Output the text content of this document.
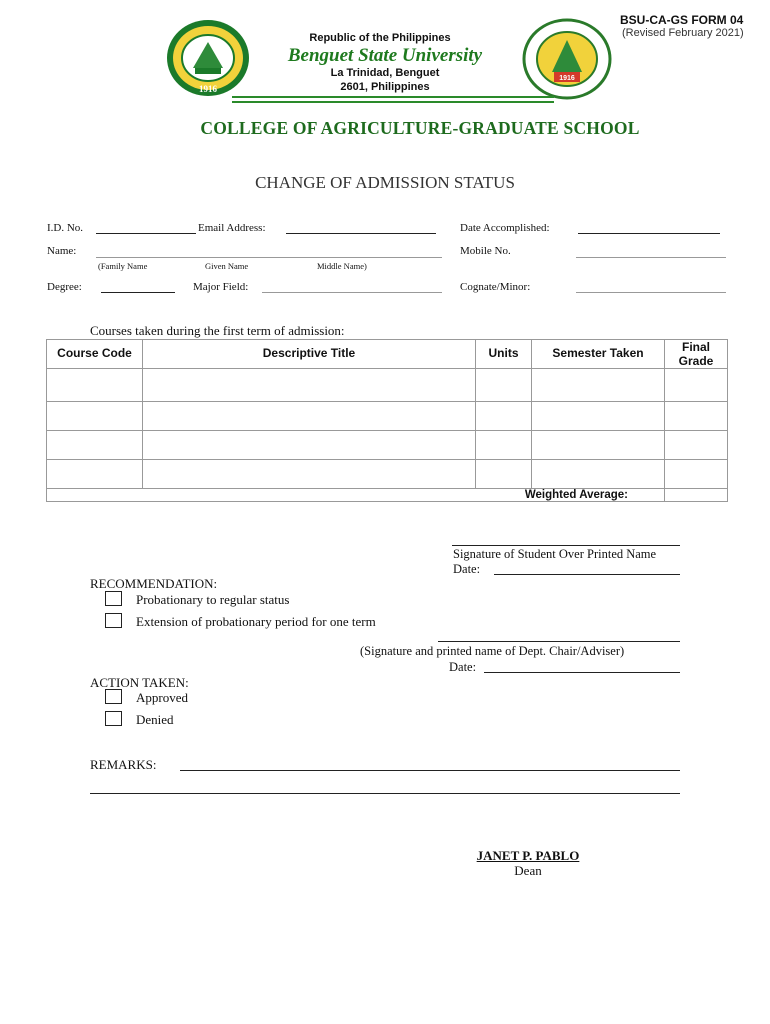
BSU-CA-GS FORM 04
(Revised February 2021)
1916
Republic of the Philippines
Benguet State University
La Trinidad, Benguet
2601, Philippines
1916
COLLEGE OF AGRICULTURE-GRADUATE SCHOOL
CHANGE OF ADMISSION STATUS
I.D. No.	Email Address:	Date Accomplished:
Name:	Mobile No.
(Family Name	Given Name	Middle Name)
Degree:	Major Field:	Cognate/Minor:
Courses taken during the first term of admission:
Course Code	Descriptive Title	Units	Semester Taken	Final
Grade

Weighted Average:				
Signature of Student Over Printed Name
Date:
RECOMMENDATION:
Probationary to regular status
Extension of probationary period for one term
(Signature and printed name of Dept. Chair/Adviser)
Date:
ACTION TAKEN:
Approved
Denied
REMARKS:
JANET P. PABLO
Dean
